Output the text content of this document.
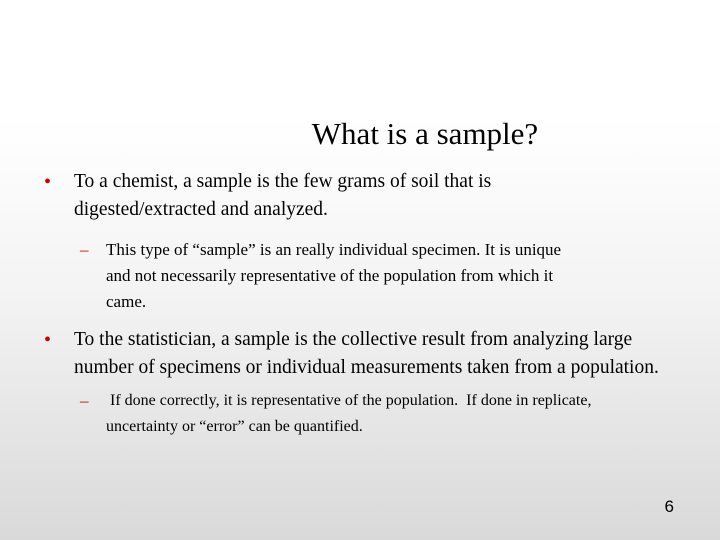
What is a sample?
• To a chemist, a sample is the few grams of soil that is
digested/extracted and analyzed.
– This type of “sample” is an really individual specimen. It is unique
and not necessarily representative of the population from which it
came.
• To the statistician, a sample is the collective result from analyzing large
number of specimens or individual measurements taken from a population.
– If done correctly, it is representative of the population.  If done in replicate,
uncertainty or “error” can be quantified.
6
